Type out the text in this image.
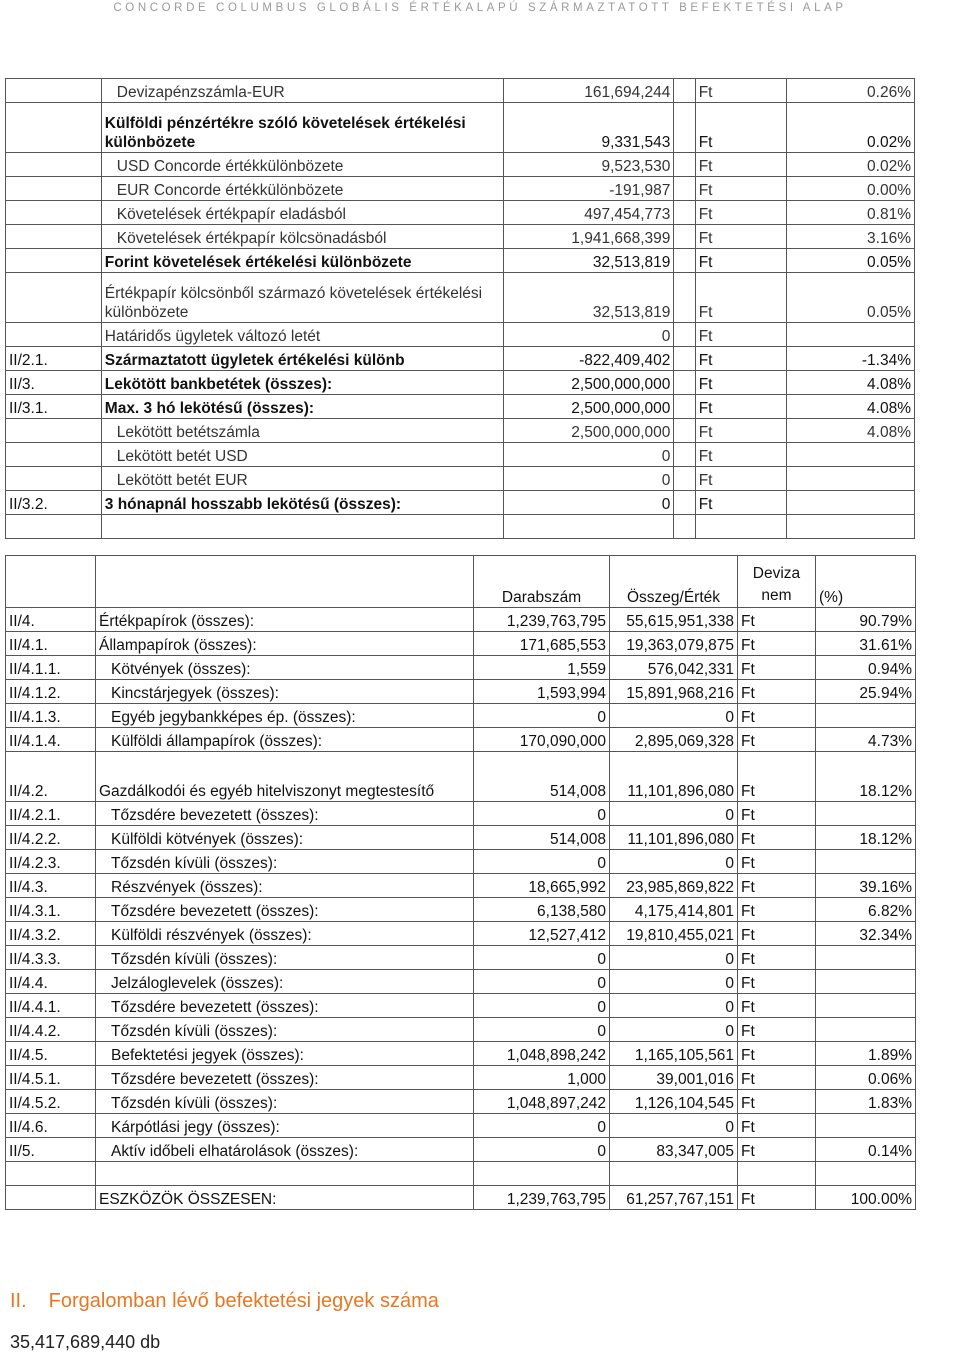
CONCORDE COLUMBUS GLOBÁLIS ÉRTÉKALAPÚ SZÁRMAZTATOTT BEFEKTETÉSI ALAP
	Devizapénzszámla-EUR	161,694,244		Ft	0.26%
	Külföldi pénzértékre szóló követelések értékelési különbözete	9,331,543		Ft	0.02%
	USD Concorde értékkülönbözete	9,523,530		Ft	0.02%
	EUR Concorde értékkülönbözete	-191,987		Ft	0.00%
	Követelések értékpapír eladásból	497,454,773		Ft	0.81%
	Követelések értékpapír kölcsönadásból	1,941,668,399		Ft	3.16%
	Forint követelések értékelési különbözete	32,513,819		Ft	0.05%
	Értékpapír kölcsönből származó követelések értékelési különbözete	32,513,819		Ft	0.05%
	Határidős ügyletek változó letét	0		Ft	
II/2.1.	Származtatott ügyletek értékelési különb	-822,409,402		Ft	-1.34%
II/3.	Lekötött bankbetétek (összes):	2,500,000,000		Ft	4.08%
II/3.1.	Max. 3 hó lekötésű (összes):	2,500,000,000		Ft	4.08%
	Lekötött betétszámla	2,500,000,000		Ft	4.08%
	Lekötött betét USD	0		Ft	
	Lekötött betét EUR	0		Ft	
II/3.2.	3 hónapnál hosszabb lekötésű (összes):	0		Ft	

		Darabszám	Összeg/Érték	Deviza nem	(%)
II/4.	Értékpapírok (összes):	1,239,763,795	55,615,951,338	Ft	90.79%
II/4.1.	Állampapírok (összes):	171,685,553	19,363,079,875	Ft	31.61%
II/4.1.1.	Kötvények (összes):	1,559	576,042,331	Ft	0.94%
II/4.1.2.	Kincstárjegyek (összes):	1,593,994	15,891,968,216	Ft	25.94%
II/4.1.3.	Egyéb jegybankképes ép. (összes):	0	0	Ft	
II/4.1.4.	Külföldi állampapírok (összes):	170,090,000	2,895,069,328	Ft	4.73%
II/4.2.	Gazdálkodói és egyéb hitelviszonyt megtestesítő	514,008	11,101,896,080	Ft	18.12%
II/4.2.1.	Tőzsdére bevezetett (összes):	0	0	Ft	
II/4.2.2.	Külföldi kötvények (összes):	514,008	11,101,896,080	Ft	18.12%
II/4.2.3.	Tőzsdén kívüli (összes):	0	0	Ft	
II/4.3.	Részvények (összes):	18,665,992	23,985,869,822	Ft	39.16%
II/4.3.1.	Tőzsdére bevezetett (összes):	6,138,580	4,175,414,801	Ft	6.82%
II/4.3.2.	Külföldi részvények (összes):	12,527,412	19,810,455,021	Ft	32.34%
II/4.3.3.	Tőzsdén kívüli (összes):	0	0	Ft	
II/4.4.	Jelzáloglevelek (összes):	0	0	Ft	
II/4.4.1.	Tőzsdére bevezetett (összes):	0	0	Ft	
II/4.4.2.	Tőzsdén kívüli (összes):	0	0	Ft	
II/4.5.	Befektetési jegyek (összes):	1,048,898,242	1,165,105,561	Ft	1.89%
II/4.5.1.	Tőzsdére bevezetett (összes):	1,000	39,001,016	Ft	0.06%
II/4.5.2.	Tőzsdén kívüli (összes):	1,048,897,242	1,126,104,545	Ft	1.83%
II/4.6.	Kárpótlási jegy (összes):	0	0	Ft	
II/5.	Aktív időbeli elhatárolások (összes):	0	83,347,005	Ft	0.14%

	ESZKÖZÖK ÖSSZESEN:	1,239,763,795	61,257,767,151	Ft	100.00%
II. Forgalomban lévő befektetési jegyek száma
35,417,689,440 db
